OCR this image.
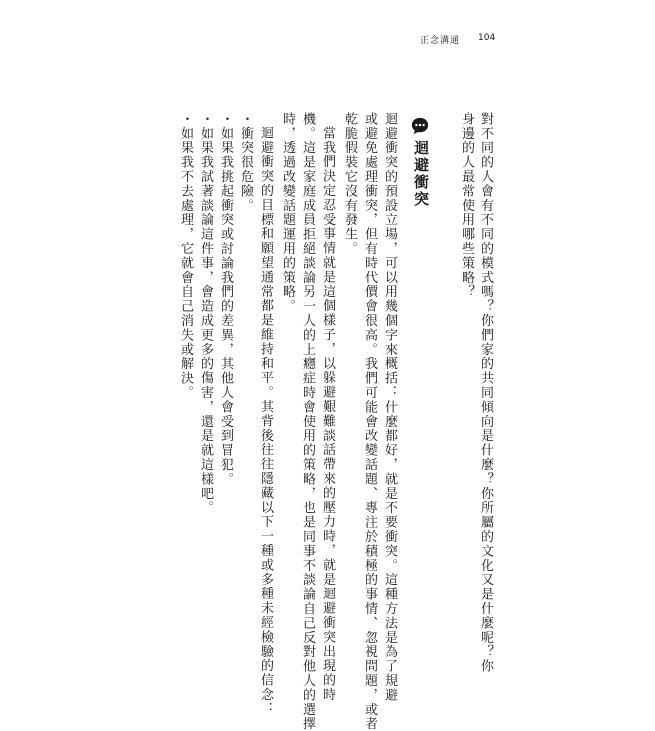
正念溝通 104
對不同的人會有不同的模式嗎？你們家的共同傾向是什麼？你所屬的文化又是什麼呢？你
身邊的人最常使用哪些策略？
迴避衝突
迴避衝突的預設立場，可以用幾個字來概括：什麼都好，就是不要衝突。這種方法是為了規避
或避免處理衝突，但有時代價會很高。我們可能會改變話題、專注於積極的事情、忽視問題，或者
乾脆假裝它沒有發生。
當我們決定忍受事情就是這個樣子，以躲避艱難談話帶來的壓力時，就是迴避衝突出現的時
機。這是家庭成員拒絕談論另一人的上癮症時會使用的策略，也是同事不談論自己反對他人的選擇
時，透過改變話題運用的策略。
迴避衝突的目標和願望通常都是維持和平。其背後往往隱藏以下一種或多種未經檢驗的信念：
・衝突很危險。
・如果我挑起衝突或討論我們的差異，其他人會受到冒犯。
・如果我試著談論這件事，會造成更多的傷害，還是就這樣吧。
・如果我不去處理，它就會自己消失或解決。
